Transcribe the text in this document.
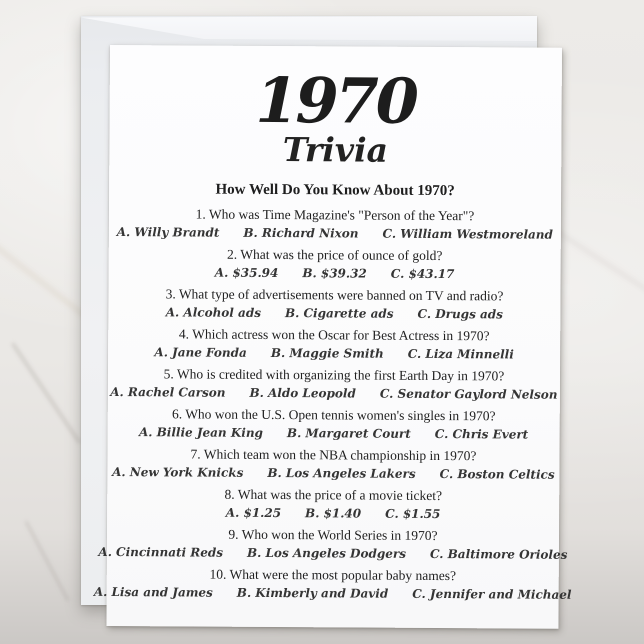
1970
Trivia
How Well Do You Know About 1970?
1. Who was Time Magazine's "Person of the Year"?
A. Willy Brandt B. Richard Nixon C. William Westmoreland
2. What was the price of ounce of gold?
A. $35.94 B. $39.32 C. $43.17
3. What type of advertisements were banned on TV and radio?
A. Alcohol ads B. Cigarette ads C. Drugs ads
4. Which actress won the Oscar for Best Actress in 1970?
A. Jane Fonda B. Maggie Smith C. Liza Minnelli
5. Who is credited with organizing the first Earth Day in 1970?
A. Rachel Carson B. Aldo Leopold C. Senator Gaylord Nelson
6. Who won the U.S. Open tennis women's singles in 1970?
A. Billie Jean King B. Margaret Court C. Chris Evert
7. Which team won the NBA championship in 1970?
A. New York Knicks B. Los Angeles Lakers C. Boston Celtics
8. What was the price of a movie ticket?
A. $1.25 B. $1.40 C. $1.55
9. Who won the World Series in 1970?
A. Cincinnati Reds B. Los Angeles Dodgers C. Baltimore Orioles
10. What were the most popular baby names?
A. Lisa and James B. Kimberly and David C. Jennifer and Michael
